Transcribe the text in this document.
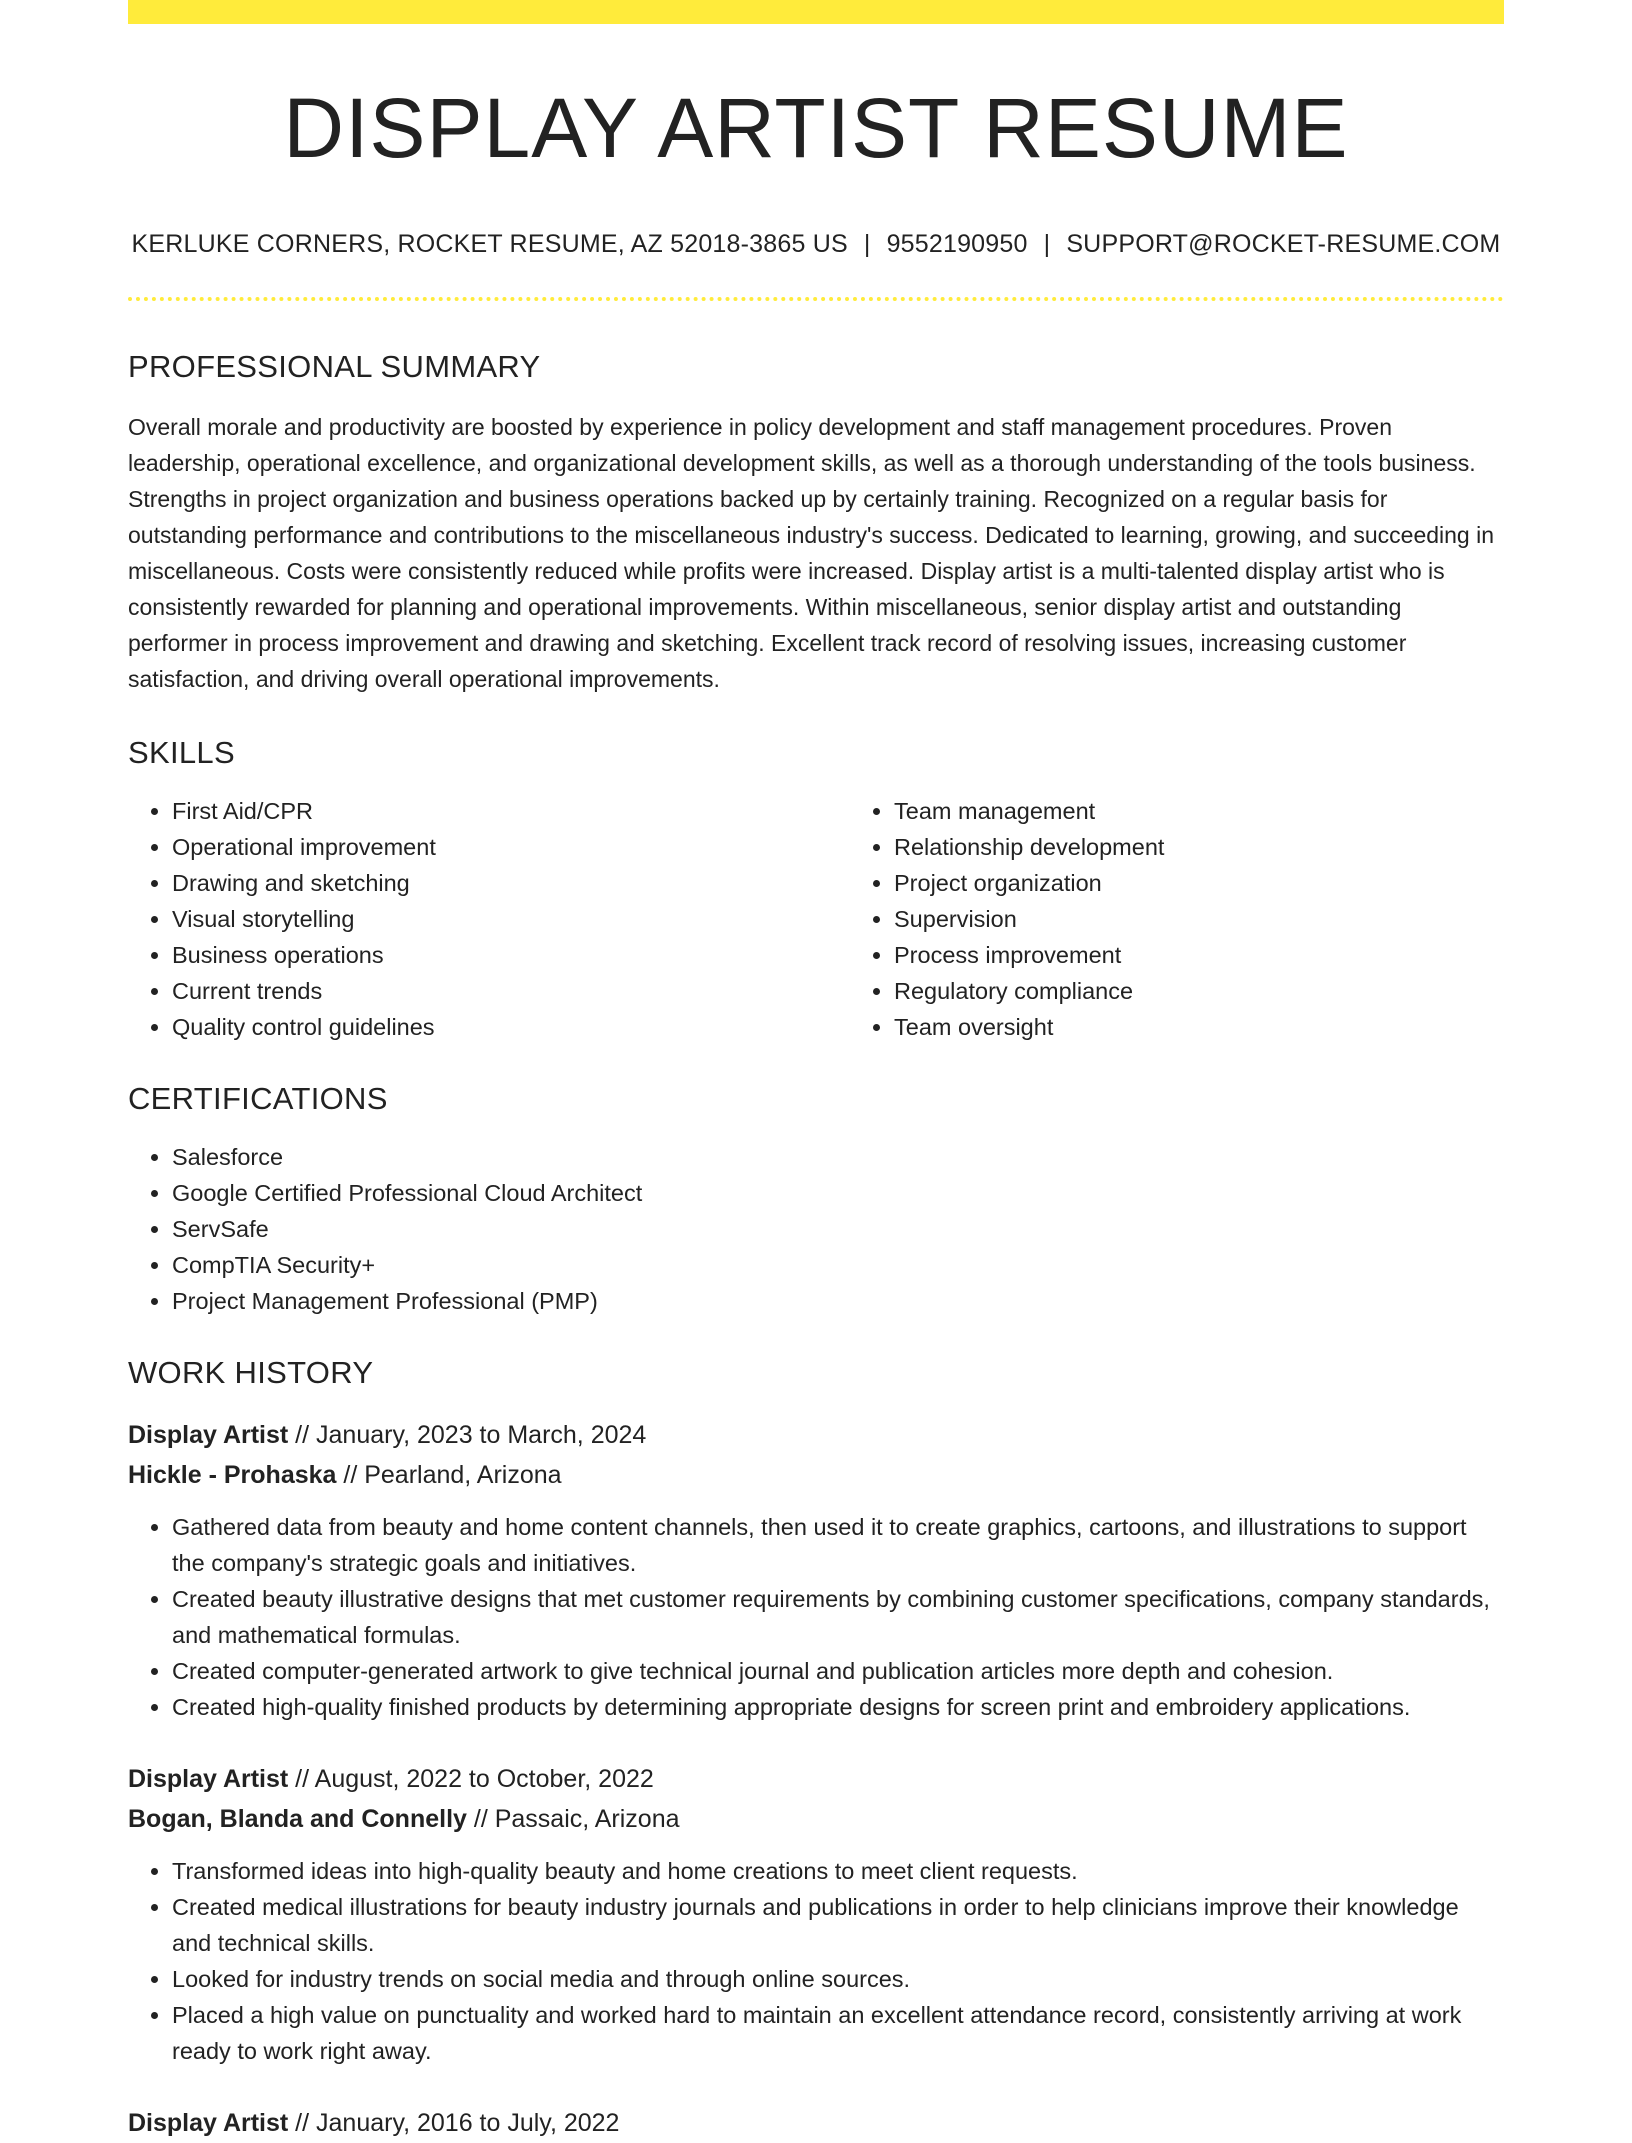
DISPLAY ARTIST RESUME
KERLUKE CORNERS, ROCKET RESUME, AZ 52018-3865 US | 9552190950 | SUPPORT@ROCKET-RESUME.COM
PROFESSIONAL SUMMARY
Overall morale and productivity are boosted by experience in policy development and staff management procedures. Proven leadership, operational excellence, and organizational development skills, as well as a thorough understanding of the tools business. Strengths in project organization and business operations backed up by certainly training. Recognized on a regular basis for outstanding performance and contributions to the miscellaneous industry's success. Dedicated to learning, growing, and succeeding in miscellaneous. Costs were consistently reduced while profits were increased. Display artist is a multi-talented display artist who is consistently rewarded for planning and operational improvements. Within miscellaneous, senior display artist and outstanding performer in process improvement and drawing and sketching. Excellent track record of resolving issues, increasing customer satisfaction, and driving overall operational improvements.
SKILLS
• First Aid/CPR
• Operational improvement
• Drawing and sketching
• Visual storytelling
• Business operations
• Current trends
• Quality control guidelines
• Team management
• Relationship development
• Project organization
• Supervision
• Process improvement
• Regulatory compliance
• Team oversight
CERTIFICATIONS
• Salesforce
• Google Certified Professional Cloud Architect
• ServSafe
• CompTIA Security+
• Project Management Professional (PMP)
WORK HISTORY
Display Artist // January, 2023 to March, 2024
Hickle - Prohaska // Pearland, Arizona
• Gathered data from beauty and home content channels, then used it to create graphics, cartoons, and illustrations to support the company's strategic goals and initiatives.
• Created beauty illustrative designs that met customer requirements by combining customer specifications, company standards, and mathematical formulas.
• Created computer-generated artwork to give technical journal and publication articles more depth and cohesion.
• Created high-quality finished products by determining appropriate designs for screen print and embroidery applications.
Display Artist // August, 2022 to October, 2022
Bogan, Blanda and Connelly // Passaic, Arizona
• Transformed ideas into high-quality beauty and home creations to meet client requests.
• Created medical illustrations for beauty industry journals and publications in order to help clinicians improve their knowledge and technical skills.
• Looked for industry trends on social media and through online sources.
• Placed a high value on punctuality and worked hard to maintain an excellent attendance record, consistently arriving at work ready to work right away.
Display Artist // January, 2016 to July, 2022
